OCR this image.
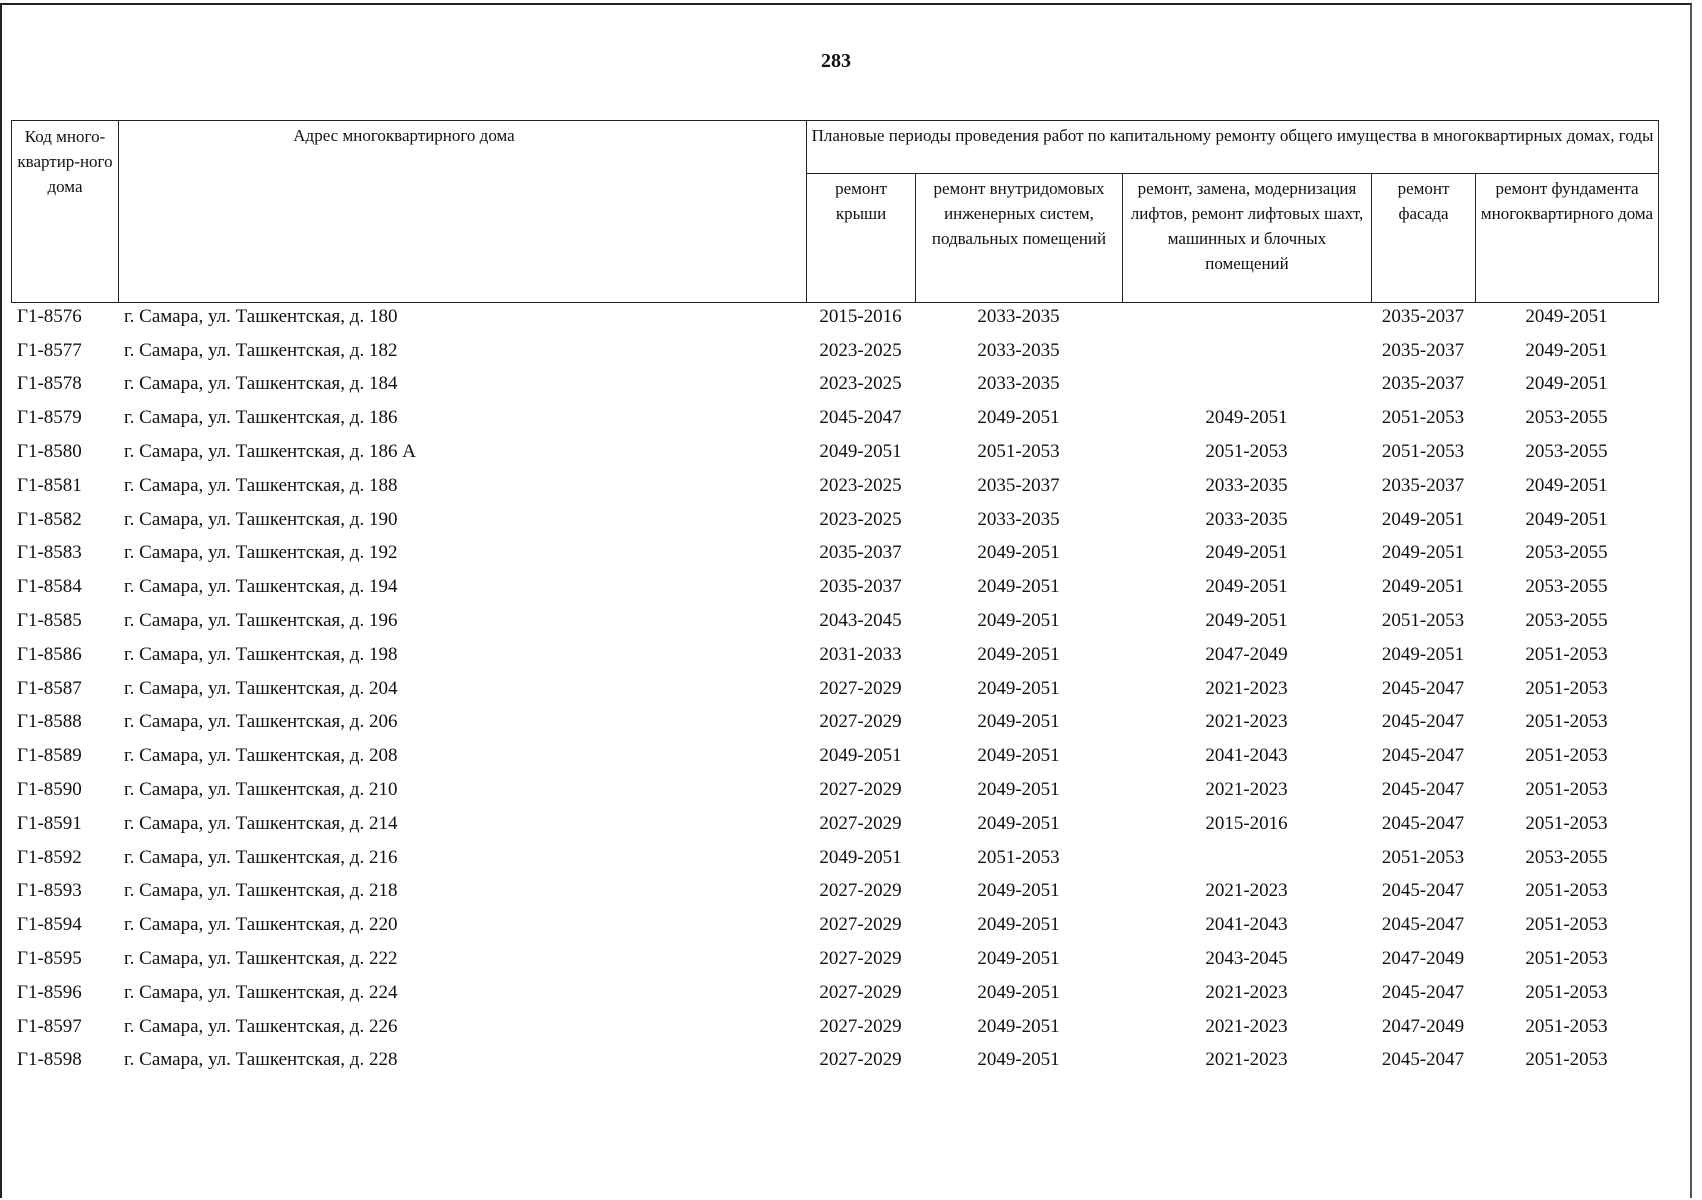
283
Код много-квартир-ного дома	Адрес многоквартирного дома	Плановые периоды проведения работ по капитальному ремонту общего имущества в многоквартирных домах, годы				
		ремонт крыши	ремонт внутридомовых инженерных систем, подвальных помещений	ремонт, замена, модернизация лифтов, ремонт лифтовых шахт, машинных и блочных помещений	ремонт фасада	ремонт фундамента многоквартирного дома
Г1-8576	г. Самара, ул. Ташкентская, д. 180	2015-2016	2033-2035		2035-2037	2049-2051
Г1-8577	г. Самара, ул. Ташкентская, д. 182	2023-2025	2033-2035		2035-2037	2049-2051
Г1-8578	г. Самара, ул. Ташкентская, д. 184	2023-2025	2033-2035		2035-2037	2049-2051
Г1-8579	г. Самара, ул. Ташкентская, д. 186	2045-2047	2049-2051	2049-2051	2051-2053	2053-2055
Г1-8580	г. Самара, ул. Ташкентская, д. 186 А	2049-2051	2051-2053	2051-2053	2051-2053	2053-2055
Г1-8581	г. Самара, ул. Ташкентская, д. 188	2023-2025	2035-2037	2033-2035	2035-2037	2049-2051
Г1-8582	г. Самара, ул. Ташкентская, д. 190	2023-2025	2033-2035	2033-2035	2049-2051	2049-2051
Г1-8583	г. Самара, ул. Ташкентская, д. 192	2035-2037	2049-2051	2049-2051	2049-2051	2053-2055
Г1-8584	г. Самара, ул. Ташкентская, д. 194	2035-2037	2049-2051	2049-2051	2049-2051	2053-2055
Г1-8585	г. Самара, ул. Ташкентская, д. 196	2043-2045	2049-2051	2049-2051	2051-2053	2053-2055
Г1-8586	г. Самара, ул. Ташкентская, д. 198	2031-2033	2049-2051	2047-2049	2049-2051	2051-2053
Г1-8587	г. Самара, ул. Ташкентская, д. 204	2027-2029	2049-2051	2021-2023	2045-2047	2051-2053
Г1-8588	г. Самара, ул. Ташкентская, д. 206	2027-2029	2049-2051	2021-2023	2045-2047	2051-2053
Г1-8589	г. Самара, ул. Ташкентская, д. 208	2049-2051	2049-2051	2041-2043	2045-2047	2051-2053
Г1-8590	г. Самара, ул. Ташкентская, д. 210	2027-2029	2049-2051	2021-2023	2045-2047	2051-2053
Г1-8591	г. Самара, ул. Ташкентская, д. 214	2027-2029	2049-2051	2015-2016	2045-2047	2051-2053
Г1-8592	г. Самара, ул. Ташкентская, д. 216	2049-2051	2051-2053		2051-2053	2053-2055
Г1-8593	г. Самара, ул. Ташкентская, д. 218	2027-2029	2049-2051	2021-2023	2045-2047	2051-2053
Г1-8594	г. Самара, ул. Ташкентская, д. 220	2027-2029	2049-2051	2041-2043	2045-2047	2051-2053
Г1-8595	г. Самара, ул. Ташкентская, д. 222	2027-2029	2049-2051	2043-2045	2047-2049	2051-2053
Г1-8596	г. Самара, ул. Ташкентская, д. 224	2027-2029	2049-2051	2021-2023	2045-2047	2051-2053
Г1-8597	г. Самара, ул. Ташкентская, д. 226	2027-2029	2049-2051	2021-2023	2047-2049	2051-2053
Г1-8598	г. Самара, ул. Ташкентская, д. 228	2027-2029	2049-2051	2021-2023	2045-2047	2051-2053
